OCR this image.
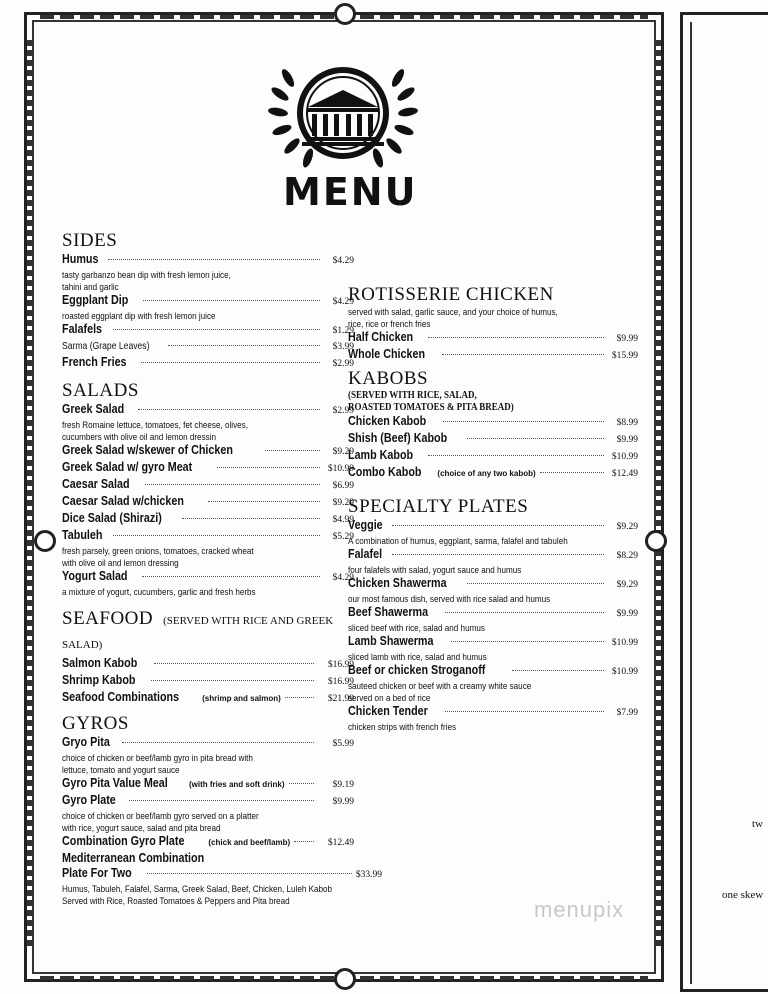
tw
one skew
MENU
SIDES
Humus	$4.29
tasty garbanzo bean dip with fresh lemon juice,
tahini and garlic
Eggplant Dip	$4.29
roasted eggplant dip with fresh lemon juice
Falafels	$1.29
Sarma (Grape Leaves)	$3.99
French Fries	$2.99
SALADS
Greek Salad	$2.99
fresh Romaine lettuce, tomatoes, fet cheese, olives,
cucumbers with olive oil and lemon dressin
Greek Salad w/skewer of Chicken	$9.29
Greek Salad w/ gyro Meat	$10.99
Caesar Salad	$6.99
Caesar Salad w/chicken	$9.29
Dice Salad (Shirazi)	$4.99
Tabuleh	$5.29
fresh parsely, green onions, tomatoes, cracked wheat
with olive oil and lemon dressing
Yogurt Salad	$4.29
a mixture of yogurt, cucumbers, garlic and fresh herbs
SEAFOOD (SERVED WITH RICE AND GREEK SALAD)
Salmon Kabob	$16.99
Shrimp Kabob	$16.99
Seafood Combinations	(shrimp and salmon)	$21.99
GYROS
Gryo Pita	$5.99
choice of chicken or beef/lamb gyro in pita bread with
lettuce, tomato and yogurt sauce
Gyro Pita Value Meal	(with fries and soft drink)	$9.19
Gyro Plate	$9.99
choice of chicken or beef/lamb gyro served on a platter
with rice, yogurt sauce, salad and pita bread
Combination Gyro Plate	(chick and beef/lamb)	$12.49
Mediterranean Combination
Plate For Two	$33.99
Humus, Tabuleh, Falafel, Sarma, Greek Salad, Beef, Chicken, Luleh Kabob
Served with Rice, Roasted Tomatoes & Peppers and Pita bread
ROTISSERIE CHICKEN
served with salad, garlic sauce, and your choice of humus,
rice, rice or french fries
Half Chicken	$9.99
Whole Chicken	$15.99
KABOBS
(SERVED WITH RICE, SALAD,
ROASTED TOMATOES & PITA BREAD)
Chicken Kabob	$8.99
Shish (Beef) Kabob	$9.99
Lamb Kabob	$10.99
Combo Kabob (choice of any two kabob)	$12.49
SPECIALTY PLATES
Veggie	$9.29
A combination of humus, eggplant, sarma, falafel and tabuleh
Falafel	$8.29
four falafels with salad, yogurt sauce and humus
Chicken Shawerma	$9.29
our most famous dish, served with rice salad and humus
Beef Shawerma	$9.99
sliced beef with rice, salad and humus
Lamb Shawerma	$10.99
sliced lamb with rice, salad and humus
Beef or chicken Stroganoff	$10.99
sauteed chicken or beef with a creamy white sauce
served on a bed of rice
Chicken Tender	$7.99
chicken strips with french fries
menupix
